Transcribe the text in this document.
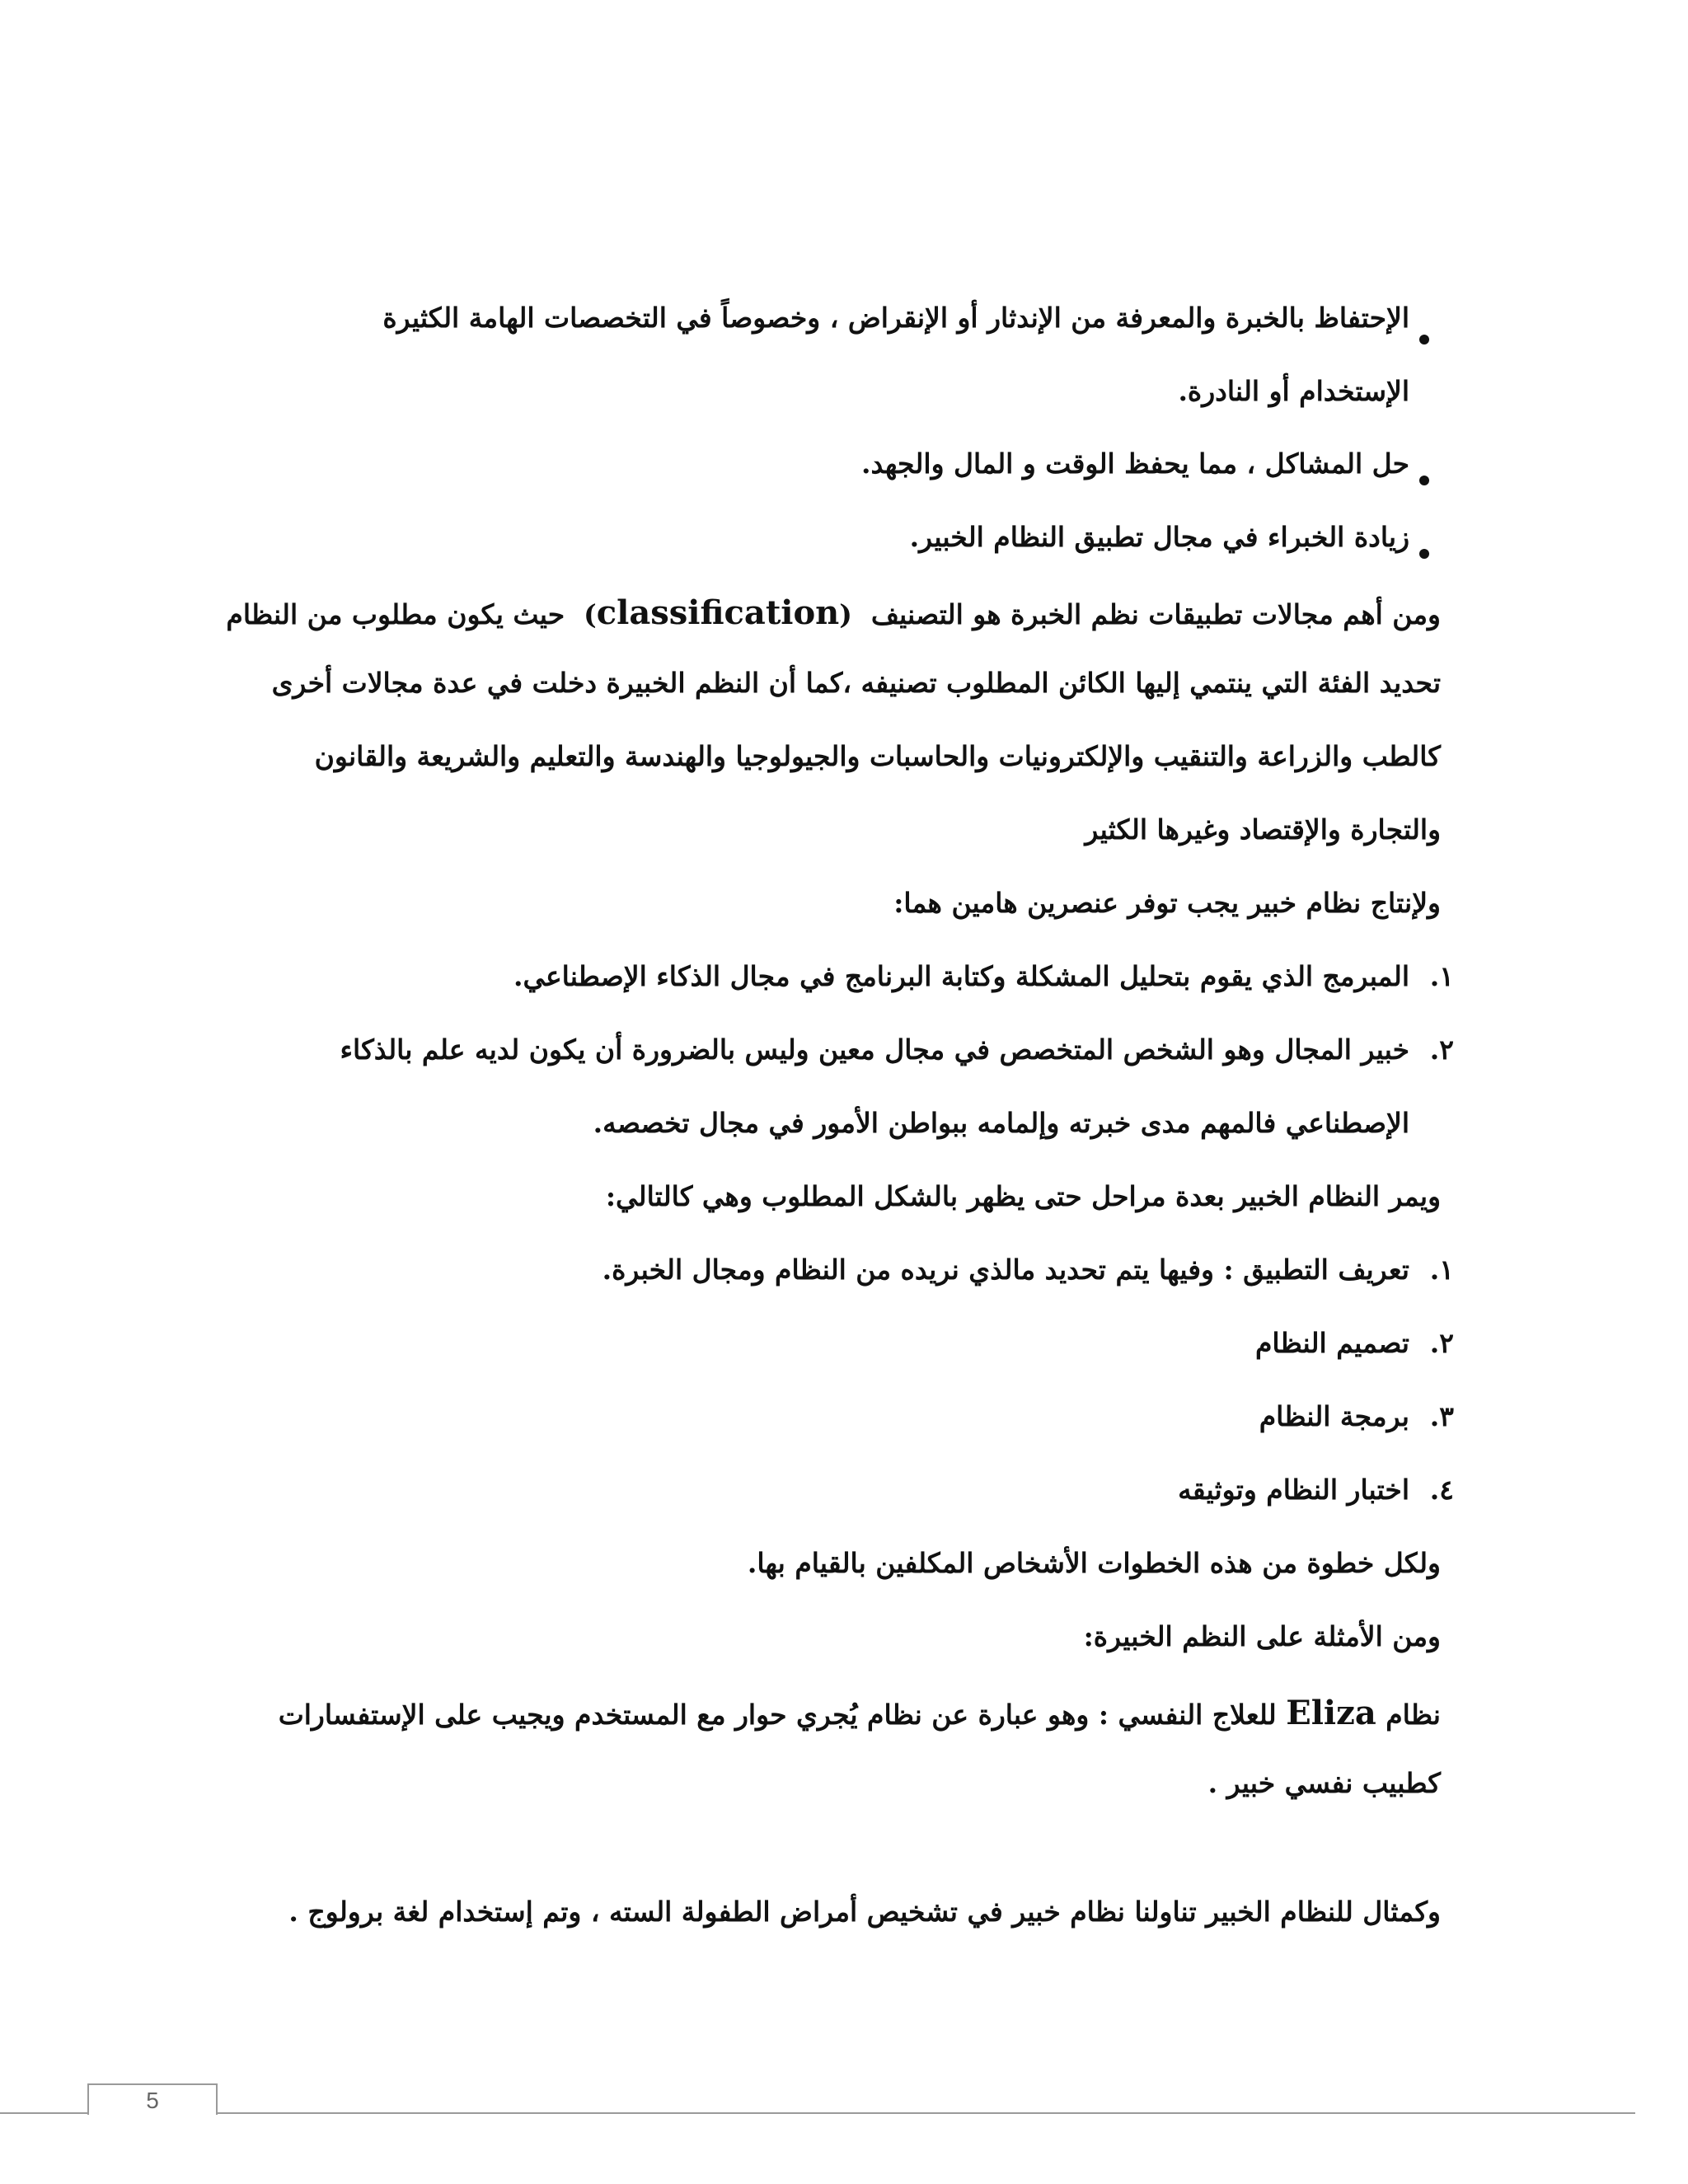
الإحتفاظ بالخبرة والمعرفة من الإندثار أو الإنقراض ، وخصوصاً في التخصصات الهامة الكثيرة
الإستخدام أو النادرة.
حل المشاكل ، مما يحفظ الوقت و المال والجهد.
زيادة الخبراء في مجال تطبيق النظام الخبير.
ومن أهم مجالات تطبيقات نظم الخبرة هو التصنيف  (classification)  حيث يكون مطلوب من النظام
تحديد الفئة التي ينتمي إليها الكائن المطلوب تصنيفه ،كما أن النظم الخبيرة دخلت في عدة مجالات أخرى
كالطب والزراعة والتنقيب والإلكترونيات والحاسبات والجيولوجيا والهندسة والتعليم والشريعة والقانون
والتجارة والإقتصاد وغيرها الكثير
ولإنتاج نظام خبير يجب توفر عنصرين هامين هما:
١.
المبرمج الذي يقوم بتحليل المشكلة وكتابة البرنامج في مجال الذكاء الإصطناعي.
٢.
خبير المجال وهو الشخص المتخصص في مجال معين وليس بالضرورة أن يكون لديه علم بالذكاء
الإصطناعي فالمهم مدى خبرته وإلمامه ببواطن الأمور في مجال تخصصه.
ويمر النظام الخبير بعدة مراحل حتى يظهر بالشكل المطلوب وهي كالتالي:
١.
تعريف التطبيق : وفيها يتم تحديد مالذي نريده من النظام ومجال الخبرة.
٢.
تصميم النظام
٣.
برمجة النظام
٤.
اختبار النظام وتوثيقه
ولكل خطوة من هذه الخطوات الأشخاص المكلفين بالقيام بها.
ومن الأمثلة على النظم الخبيرة:
نظام Eliza للعلاج النفسي : وهو عبارة عن نظام يُجري حوار مع المستخدم ويجيب على الإستفسارات
كطبيب نفسي خبير .
وكمثال للنظام الخبير تناولنا نظام خبير في تشخيص أمراض الطفولة السته ، وتم إستخدام لغة برولوج .
5
